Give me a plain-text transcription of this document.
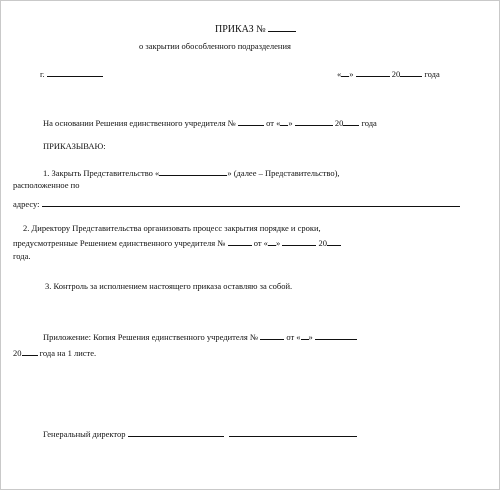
ПРИКАЗ №
о закрытии обособленного подразделения
г.	« »	20	года
На основании Решения единственного учредителя №	от « »	20 года
ПРИКАЗЫВАЮ:
1. Закрыть Представительство «	» (далее – Представительство),
расположенное по
адресу:
2. Директору Представительства организовать процесс закрытия порядке и сроки,
предусмотренные Решением единственного учредителя №	от « »	20
года.
3. Контроль за исполнением настоящего приказа оставляю за собой.
Приложение: Копия Решения единственного учредителя №	от « »
20 года на 1 листе.
Генеральный директор
